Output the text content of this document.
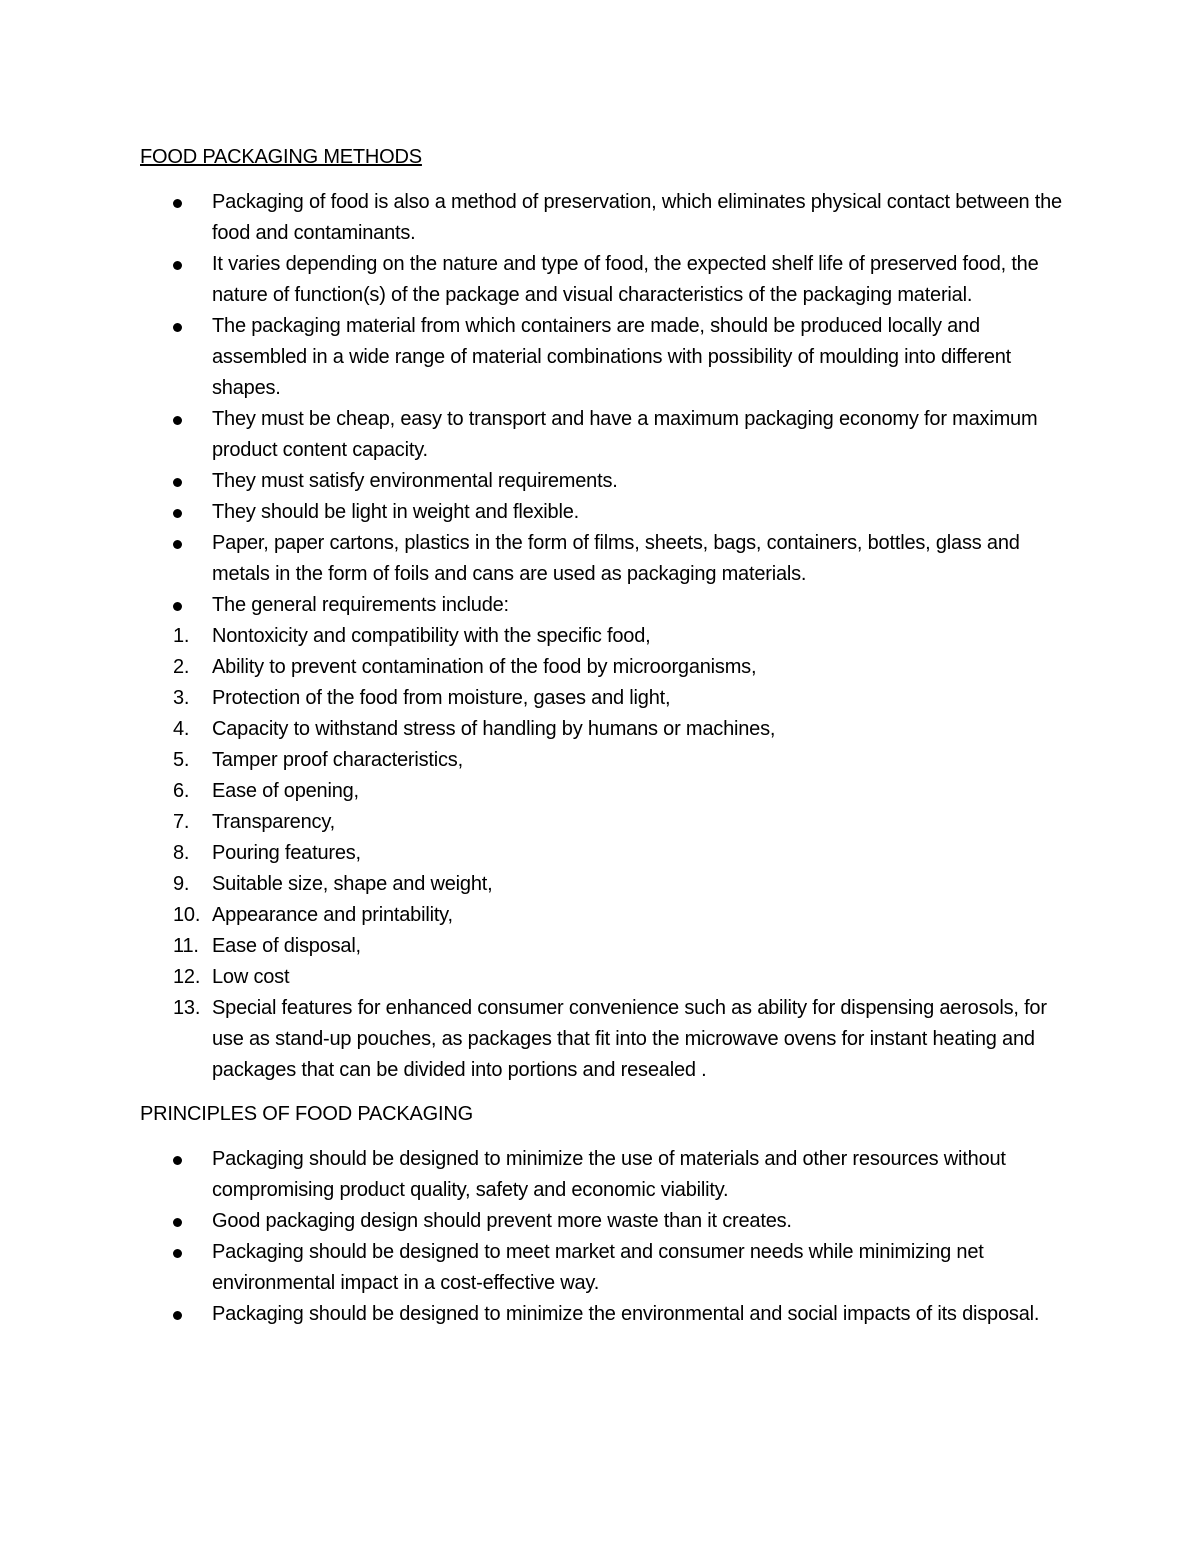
FOOD PACKAGING METHODS
Packaging of food is also a method of preservation, which eliminates physical contact between the food and contaminants.
It varies depending on the nature and type of food, the expected shelf life of preserved food, the nature of function(s) of the package and visual characteristics of the packaging material.
The packaging material from which containers are made, should be produced locally and assembled in a wide range of material combinations with possibility of moulding into different shapes.
They must be cheap, easy to transport and have a maximum packaging economy for maximum product content capacity.
They must satisfy environmental requirements.
They should be light in weight and flexible.
Paper, paper cartons, plastics in the form of films, sheets, bags, containers, bottles, glass and metals in the form of foils and cans are used as packaging materials.
The general requirements include:
1.	Nontoxicity and compatibility with the specific food,
2.	Ability to prevent contamination of the food by microorganisms,
3.	Protection of the food from moisture, gases and light,
4.	Capacity to withstand stress of handling by humans or machines,
5.	Tamper proof characteristics,
6.	Ease of opening,
7.	Transparency,
8.	Pouring features,
9.	Suitable size, shape and weight,
10. Appearance and printability,
11. Ease of disposal,
12. Low cost
13. Special features for enhanced consumer convenience such as ability for dispensing aerosols, for use as stand-up pouches, as packages that fit into the microwave ovens for instant heating and packages that can be divided into portions and resealed .
PRINCIPLES OF FOOD PACKAGING
Packaging should be designed to minimize the use of materials and other resources without compromising product quality, safety and economic viability.
Good packaging design should prevent more waste than it creates.
Packaging should be designed to meet market and consumer needs while minimizing net environmental impact in a cost-effective way.
Packaging should be designed to minimize the environmental and social impacts of its disposal.
